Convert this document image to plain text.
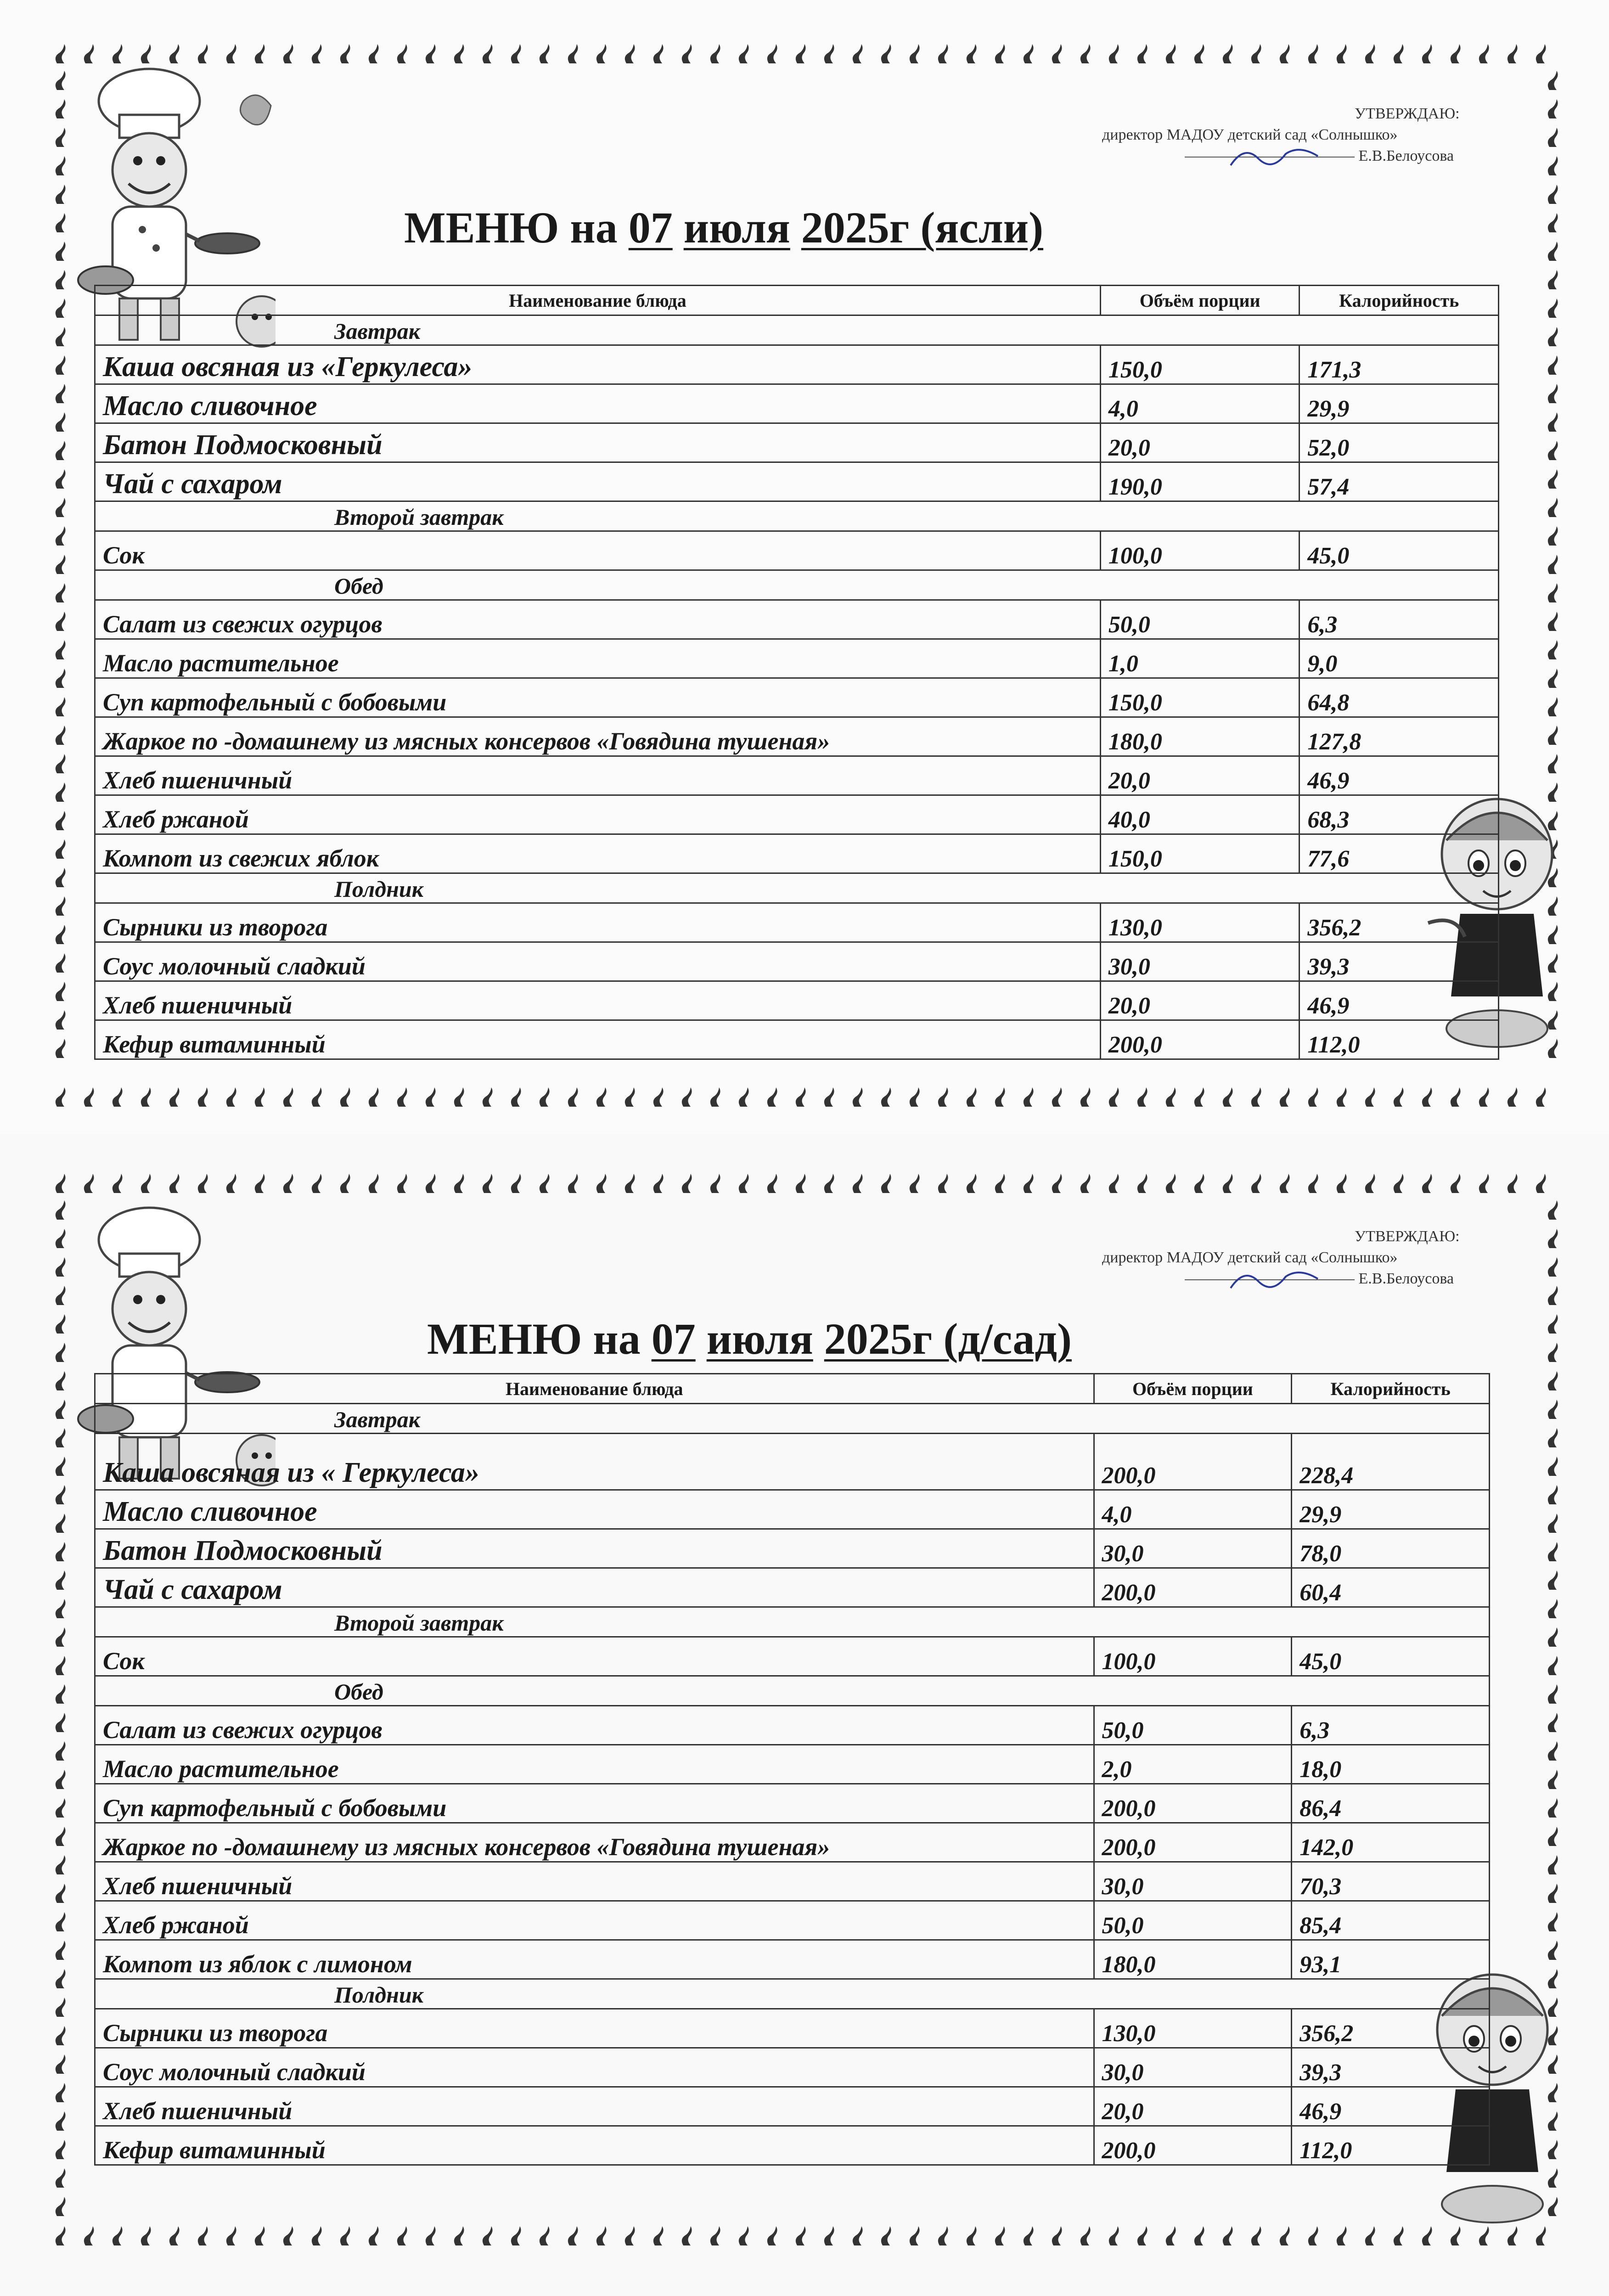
УТВЕРЖДАЮ:
директор МАДОУ детский сад «Солнышко»
Е.В.Белоусова
МЕНЮ на 07 июля 2025г (ясли)
Наименование блюда	Объём порции	Калорийность
Завтрак		
Каша овсяная из «Геркулеса»	150,0	171,3
Масло сливочное	4,0	29,9
Батон Подмосковный	20,0	52,0
Чай с сахаром	190,0	57,4
Второй завтрак		
Сок	100,0	45,0
Обед		
Салат из свежих огурцов	50,0	6,3
Масло растительное	1,0	9,0
Суп картофельный с бобовыми	150,0	64,8
Жаркое по -домашнему из мясных консервов «Говядина тушеная»	180,0	127,8
Хлеб пшеничный	20,0	46,9
Хлеб ржаной	40,0	68,3
Компот из свежих яблок	150,0	77,6
Полдник		
Сырники из творога	130,0	356,2
Соус молочный сладкий	30,0	39,3
Хлеб пшеничный	20,0	46,9
Кефир витаминный	200,0	112,0
УТВЕРЖДАЮ:
директор МАДОУ детский сад «Солнышко»
Е.В.Белоусова
МЕНЮ на 07 июля 2025г (д/сад)
Наименование блюда	Объём порции	Калорийность
Завтрак		
Каша овсяная из « Геркулеса»	200,0	228,4
Масло сливочное	4,0	29,9
Батон Подмосковный	30,0	78,0
Чай с сахаром	200,0	60,4
Второй завтрак		
Сок	100,0	45,0
Обед		
Салат из свежих огурцов	50,0	6,3
Масло растительное	2,0	18,0
Суп картофельный с бобовыми	200,0	86,4
Жаркое по -домашнему из мясных консервов «Говядина тушеная»	200,0	142,0
Хлеб пшеничный	30,0	70,3
Хлеб ржаной	50,0	85,4
Компот из яблок с лимоном	180,0	93,1
Полдник		
Сырники из творога	130,0	356,2
Соус молочный сладкий	30,0	39,3
Хлеб пшеничный	20,0	46,9
Кефир витаминный	200,0	112,0
